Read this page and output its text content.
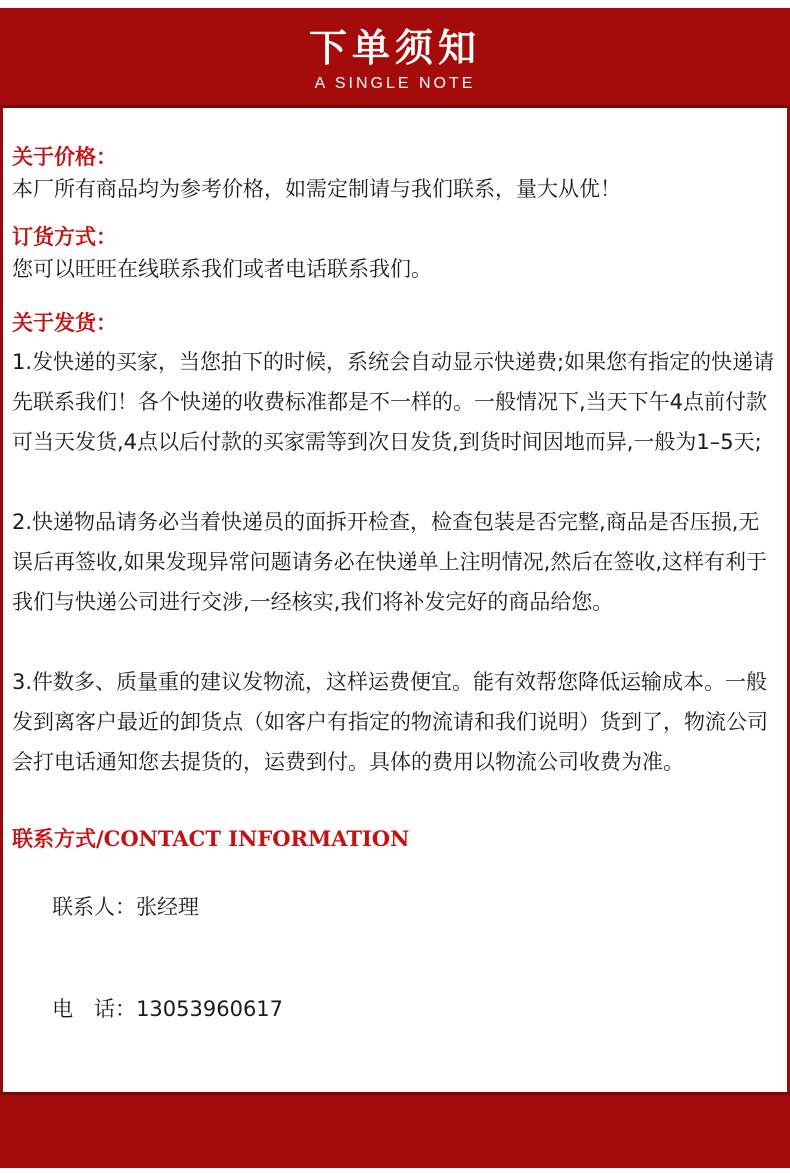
下单须知
A SINGLE NOTE

关于价格：

本厂所有商品均为参考价格，如需定制请与我们联系，量大从优！

订货方式：

您可以旺旺在线联系我们或者电话联系我们。

关于发货：

1.发快递的买家，当您拍下的时候，系统会自动显示快递费;如果您有指定的快递请先联系我们！各个快递的收费标准都是不一样的。一般情况下,当天下午4点前付款可当天发货,4点以后付款的买家需等到次日发货,到货时间因地而异,一般为1–5天;

2.快递物品请务必当着快递员的面拆开检查，检查包装是否完整,商品是否压损,无误后再签收,如果发现异常问题请务必在快递单上注明情况,然后在签收,这样有利于我们与快递公司进行交涉,一经核实,我们将补发完好的商品给您。

3.件数多、质量重的建议发物流，这样运费便宜。能有效帮您降低运输成本。一般发到离客户最近的卸货点（如客户有指定的物流请和我们说明）货到了，物流公司会打电话通知您去提货的，运费到付。具体的费用以物流公司收费为准。

联系方式/CONTACT INFORMATION

联系人：张经理

电　话：13053960617
